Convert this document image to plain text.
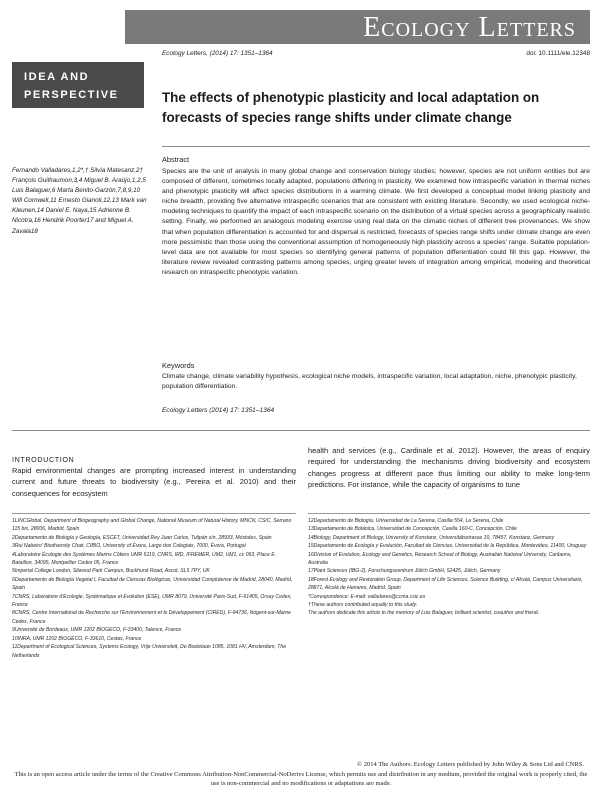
Ecology Letters
Ecology Letters, (2014) 17: 1351–1364	doi: 10.1111/ele.12348
IDEA AND
PERSPECTIVE	The effects of phenotypic plasticity and local adaptation on forecasts of species range shifts under climate change
Fernando Valladares,1,2*,† Silvia Matesanz,2† François Guilhaumon,3,4 Miguel B. Araújo,1,2,5 Luis Balaguer,6 Marta Benito-Garzón,7,8,9,10 Will Cornwell,11 Ernesto Gianoli,12,13 Mark van Kleunen,14 Daniel E. Naya,15 Adrienne B. Nicotra,16 Hendrik Poorter17 and Miguel A. Zavala18
Abstract

Species are the unit of analysis in many global change and conservation biology studies; however, species are not uniform entities but are composed of different, sometimes locally adapted, populations differing in plasticity. We examined how intraspecific variation in thermal niches and phenotypic plasticity will affect species distributions in a warming climate. We first developed a conceptual model linking plasticity and niche breadth, providing five alternative intraspecific scenarios that are consistent with existing literature. Secondly, we used ecological niche-modeling techniques to quantify the impact of each intraspecific scenario on the distribution of a virtual species across a geographically realistic setting. Finally, we performed an analogous modeling exercise using real data on the climatic niches of different tree provenances. We show that when population differentiation is accounted for and dispersal is restricted, forecasts of species range shifts under climate change are even more pessimistic than those using the conventional assumption of homogeneously high plasticity across a species' range. Suitable population-level data are not available for most species so identifying general patterns of population differentiation could fill this gap. However, the literature review revealed contrasting patterns among species, urging greater levels of integration among empirical, modeling and theoretical research on intraspecific phenotypic variation.

Keywords

Climate change, climate variability hypothesis, ecological niche models, intraspecific variation, local adaptation, niche, phenotypic plasticity, population differentiation.

Ecology Letters (2014) 17: 1351–1364
INTRODUCTION

Rapid environmental changes are prompting increased interest in understanding current and future threats to biodiversity (e.g., Pereira et al. 2010) and their consequences for ecosystem

health and services (e.g., Cardinale et al. 2012). However, the areas of enquiry required for understanding the mechanisms driving biodiversity and ecosystem changes progress at different pace thus limiting our ability to make long-term predictions. For instance, while the capacity of organisms to tune

1LINCGlobal, Department of Biogeography and Global Change, National Museum of Natural History, MNCN, CSIC, Serrano 115 bis, 28006, Madrid, Spain
2Departamento de Biología y Geología, ESCET, Universidad Rey Juan Carlos, Tulipán s/n, 28933, Móstoles, Spain
3Rui Nabeiro' Biodiversity Chair, CIBIO, University of Évora, Largo dos Colegiais, 7000, Évora, Portugal
4Laboratoire Écologie des Systèmes Marins Côtiers UMR 5119, CNRS, IRD, IFREMER, UM2, UM1, cc 093, Place E. Bataillon, 34095, Montpellier Cedex 05, France
5Imperial College London, Silwood Park Campus, Buckhurst Road, Ascot, SL5 7PY, UK
6Departamento de Biología Vegetal I, Facultad de Ciencias Biológicas, Universidad Complutense de Madrid, 28040, Madrid, Spain
7CNRS, Laboratoire d'Ecologie, Systématique et Evolution (ESE), UMR 8079, Université Paris-Sud, F-91405, Orsay Cedex, France
8CNRS, Centre International de Recherche sur l'Environnement et le Développement (CIRED), F-94736, Nogent-sur-Marne Cedex, France
9Université de Bordeaux, UMR 1202 BIOGECO, F-33400, Talence, France
10INRA, UMR 1202 BIOGECO, F-33610, Cestas, France
11Department of Ecological Sciences, Systems Ecology, Vrije Universiteit, De Boelelaan 1085, 1081 HV, Amsterdam, The Netherlands
12Departamento de Biología, Universidad de La Serena, Casilla 554, La Serena, Chile
13Departamento de Botánica, Universidad de Concepción, Casilla 160-C, Concepción, Chile
14Biology, Department of Biology, University of Konstanz, Universitätsstrasse 10, 78457, Konstanz, Germany
15Departamento de Ecología y Evolución, Facultad de Ciencias, Universidad de la República, Montevideo, 11400, Uruguay
16Division of Evolution, Ecology and Genetics, Research School of Biology, Australian National University, Canberra, Australia
17Plant Sciences (IBG-2), Forschungszentrum Jülich GmbH, 52425, Jülich, Germany
18Forest Ecology and Restoration Group, Department of Life Sciences, Science Building, c/ Alcalá, Campus Universitario, 28871, Alcalá de Henares, Madrid, Spain
*Correspondence: E-mail: valladares@ccma.csic.es
†These authors contributed equally to this study.
The authors dedicate this article to the memory of Luis Balaguer, brilliant scientist, coauthor and friend.
© 2014 The Authors. Ecology Letters published by John Wiley & Sons Ltd and CNRS.
This is an open access article under the terms of the Creative Commons Attribution-NonCommercial-NoDerivs License, which permits use and distribution in any medium, provided the original work is properly cited, the use is non-commercial and no modifications or adaptations are made.
